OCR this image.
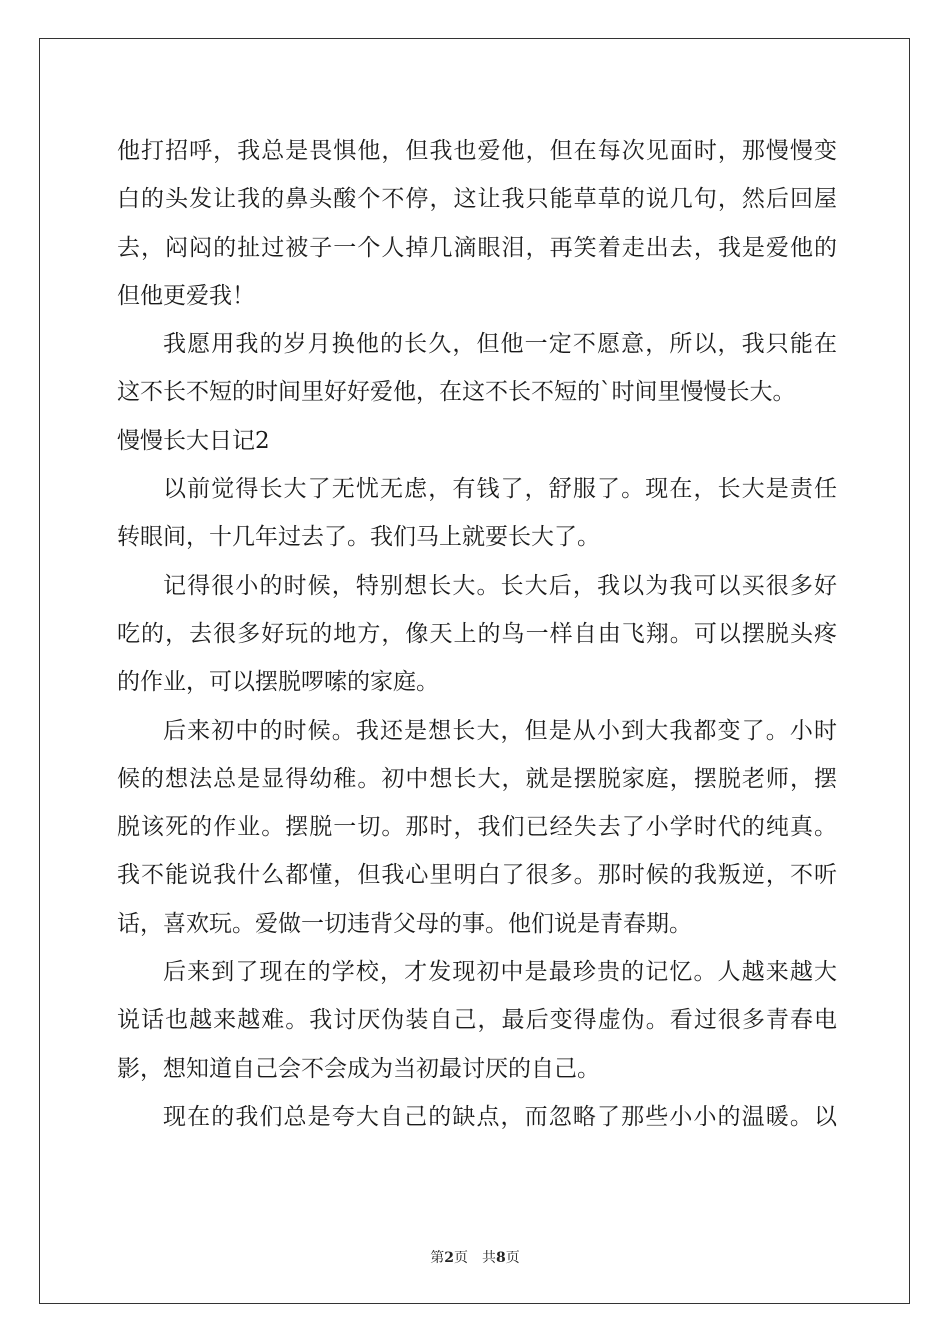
他打招呼，我总是畏惧他，但我也爱他，但在每次见面时，那慢慢变
白的头发让我的鼻头酸个不停，这让我只能草草的说几句，然后回屋
去，闷闷的扯过被子一个人掉几滴眼泪，再笑着走出去，我是爱他的
但他更爱我！
我愿用我的岁月换他的长久，但他一定不愿意，所以，我只能在
这不长不短的时间里好好爱他，在这不长不短的`时间里慢慢长大。
慢慢长大日记2
以前觉得长大了无忧无虑，有钱了，舒服了。现在，长大是责任
转眼间，十几年过去了。我们马上就要长大了。
记得很小的时候，特别想长大。长大后，我以为我可以买很多好
吃的，去很多好玩的地方，像天上的鸟一样自由飞翔。可以摆脱头疼
的作业，可以摆脱啰嗦的家庭。
后来初中的时候。我还是想长大，但是从小到大我都变了。小时
候的想法总是显得幼稚。初中想长大，就是摆脱家庭，摆脱老师，摆
脱该死的作业。摆脱一切。那时，我们已经失去了小学时代的纯真。
我不能说我什么都懂，但我心里明白了很多。那时候的我叛逆，不听
话，喜欢玩。爱做一切违背父母的事。他们说是青春期。
后来到了现在的学校，才发现初中是最珍贵的记忆。人越来越大
说话也越来越难。我讨厌伪装自己，最后变得虚伪。看过很多青春电
影，想知道自己会不会成为当初最讨厌的自己。
现在的我们总是夸大自己的缺点，而忽略了那些小小的温暖。以
第2页 共8页
